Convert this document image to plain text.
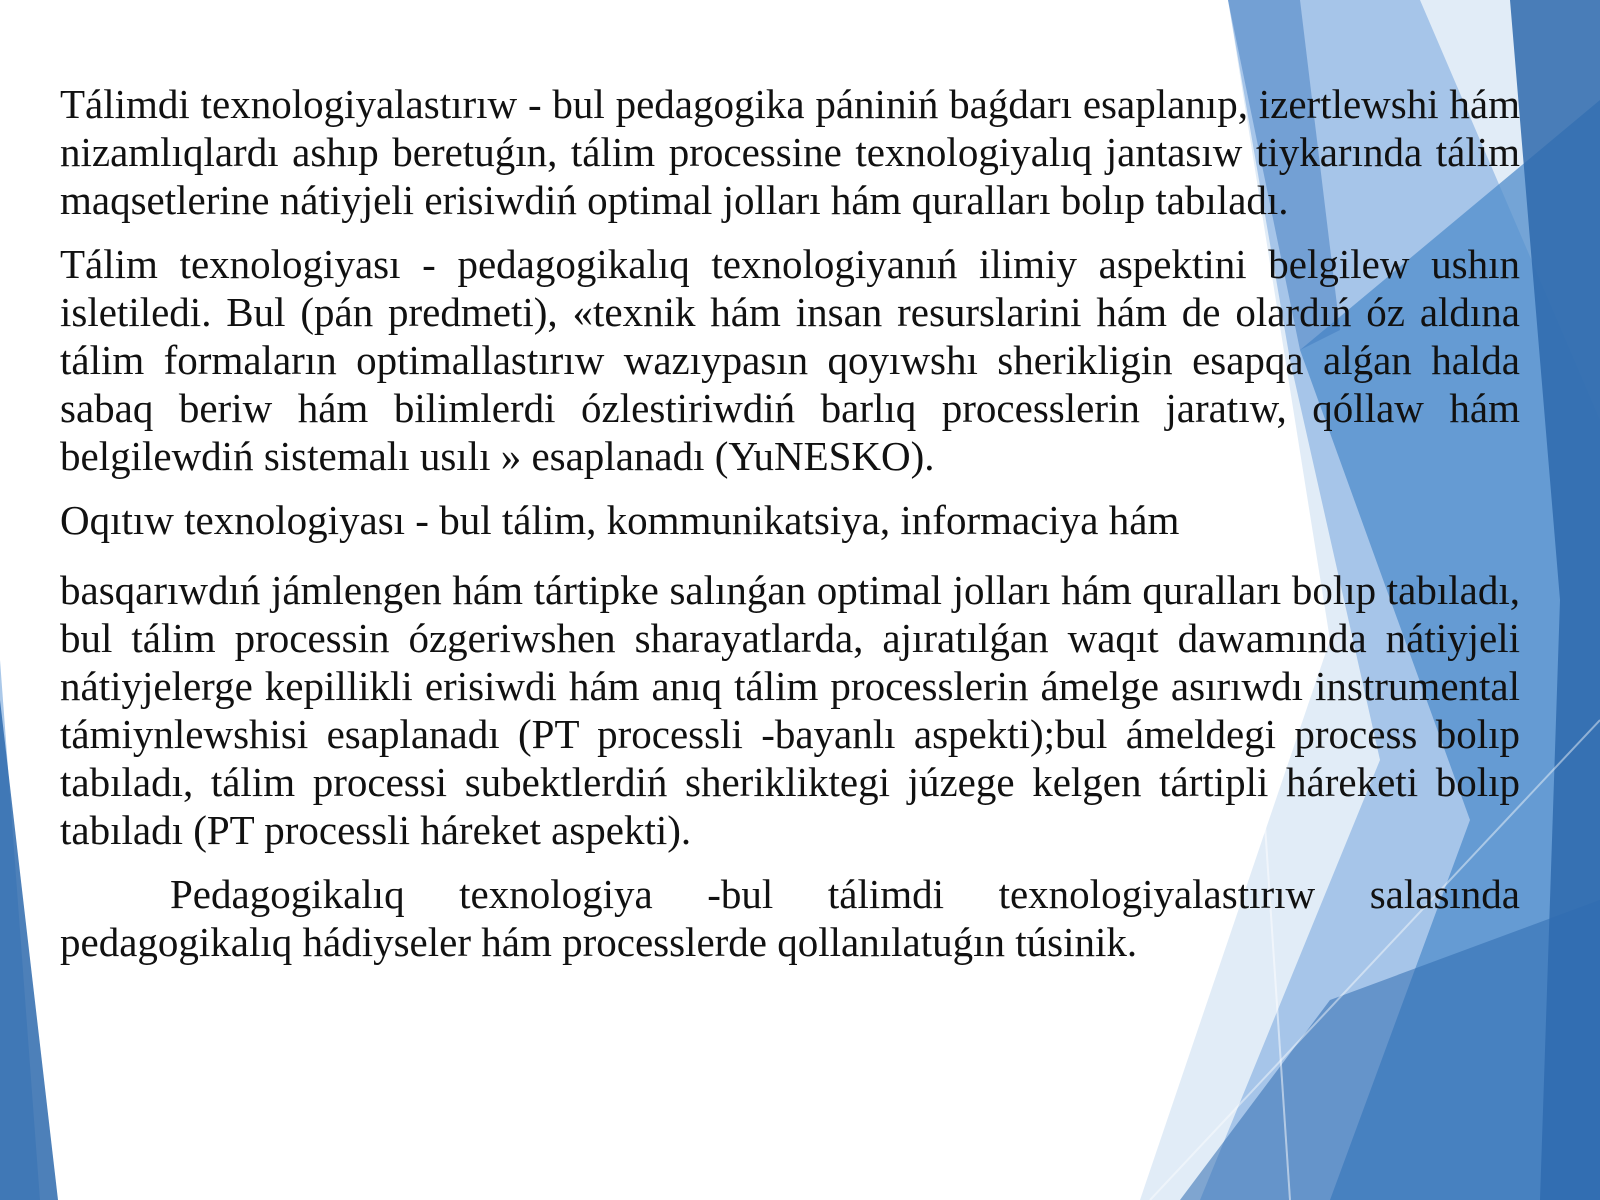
Tálimdi texnologiyalastırıw - bul pedagogika pániniń baǵdarı esaplanıp, izertlewshi hám nizamlıqlardı ashıp beretuǵın, tálim processine texnologiyalıq jantasıw tiykarında tálim maqsetlerine nátiyjeli erisiwdiń optimal jolları hám quralları bolıp tabıladı.

Tálim texnologiyası - pedagogikalıq texnologiyanıń ilimiy aspektini belgilew ushın isletiledi. Bul (pán predmeti), «texnik hám insan resurslarini hám de olardıń óz aldına tálim formaların optimallastırıw wazıypasın qoyıwshı sherikligin esapqa alǵan halda sabaq beriw hám bilimlerdi ózlestiriwdiń barlıq processlerin jaratıw, qóllaw hám belgilewdiń sistemalı usılı » esaplanadı (YuNESKO).

Oqıtıw texnologiyası - bul tálim, kommunikatsiya, informaciya hám

basqarıwdıń jámlengen hám tártipke salınǵan optimal jolları hám quralları bolıp tabıladı, bul tálim processin ózgeriwshen sharayatlarda, ajıratılǵan waqıt dawamında nátiyjeli nátiyjelerge kepillikli erisiwdi hám anıq tálim processlerin ámelge asırıwdı instrumental támiynlewshisi esaplanadı (PT processli -bayanlı aspekti);bul ámeldegi process bolıp tabıladı, tálim processi subektlerdiń sherikliktegi júzege kelgen tártipli háreketi bolıp tabıladı (PT processli háreket aspekti).

Pedagogikalıq texnologiya -bul tálimdi texnologiyalastırıw salasında pedagogikalıq hádiyseler hám processlerde qollanılatuǵın túsinik.
